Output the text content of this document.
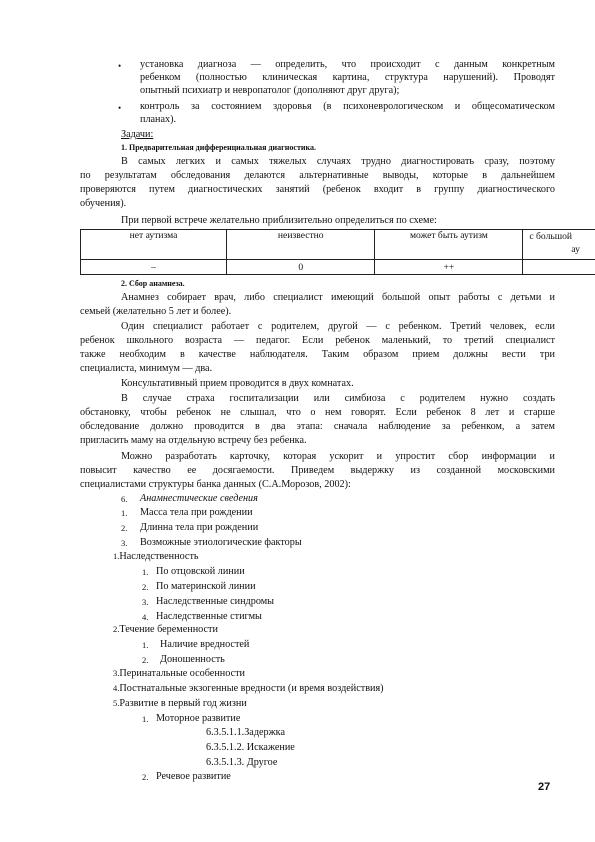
• установка диагноза — определить, что происходит с данным конкретным
ребенком (полностью клиническая картина, структура нарушений). Проводят
опытный психиатр и невропатолог (дополняют друг друга);
• контроль за состоянием здоровья (в психоневрологическом и общесоматическом
планах).
Задачи:
1. Предварительная дифференциальная диагностика.
В самых легких и самых тяжелых случаях трудно диагностировать сразу, поэтому
по результатам обследования делаются альтернативные выводы, которые в дальнейшем
проверяются путем диагностических занятий (ребенок входит в группу диагностического
обучения).
При первой встрече желательно приблизительно определиться по схеме:
нет аутизма	неизвестно	может быть аутизм	с большой
ау
–	0	++	
2. Сбор анамнеза.
Анамнез собирает врач, либо специалист имеющий большой опыт работы с детьми и
семьей (желательно 5 лет и более).
Один специалист работает с родителем, другой — с ребенком. Третий человек, если
ребенок школьного возраста — педагог. Если ребенок маленький, то третий специалист
также необходим в качестве наблюдателя. Таким образом прием должны вести три
специалиста, минимум — два.
Консультативный прием проводится в двух комнатах.
В случае страха госпитализации или симбиоза с родителем нужно создать
обстановку, чтобы ребенок не слышал, что о нем говорят. Если ребенок 8 лет и старше
обследование должно проводится в два этапа: сначала наблюдение за ребенком, а затем
пригласить маму на отдельную встречу без ребенка.
Можно разработать карточку, которая ускорит и упростит сбор информации и
повысит качество ее досягаемости. Приведем выдержку из созданной московскими
специалистами структуры банка данных (С.А.Морозов, 2002):
6. Анамнестические сведения
1. Масса тела при рождении
2. Длинна тела при рождении
3. Возможные этиологические факторы
1.Наследственность
1. По отцовской линии
2. По материнской линии
3. Наследственные синдромы
4. Наследственные стигмы
2.Течение беременности
1. Наличие вредностей
2. Доношенность
3.Перинатальные особенности
4.Постнатальные экзогенные вредности (и время воздействия)
5.Развитие в первый год жизни
1. Моторное развитие
6.3.5.1.1.Задержка
6.3.5.1.2. Искажение
6.3.5.1.3. Другое
2. Речевое развитие
27
